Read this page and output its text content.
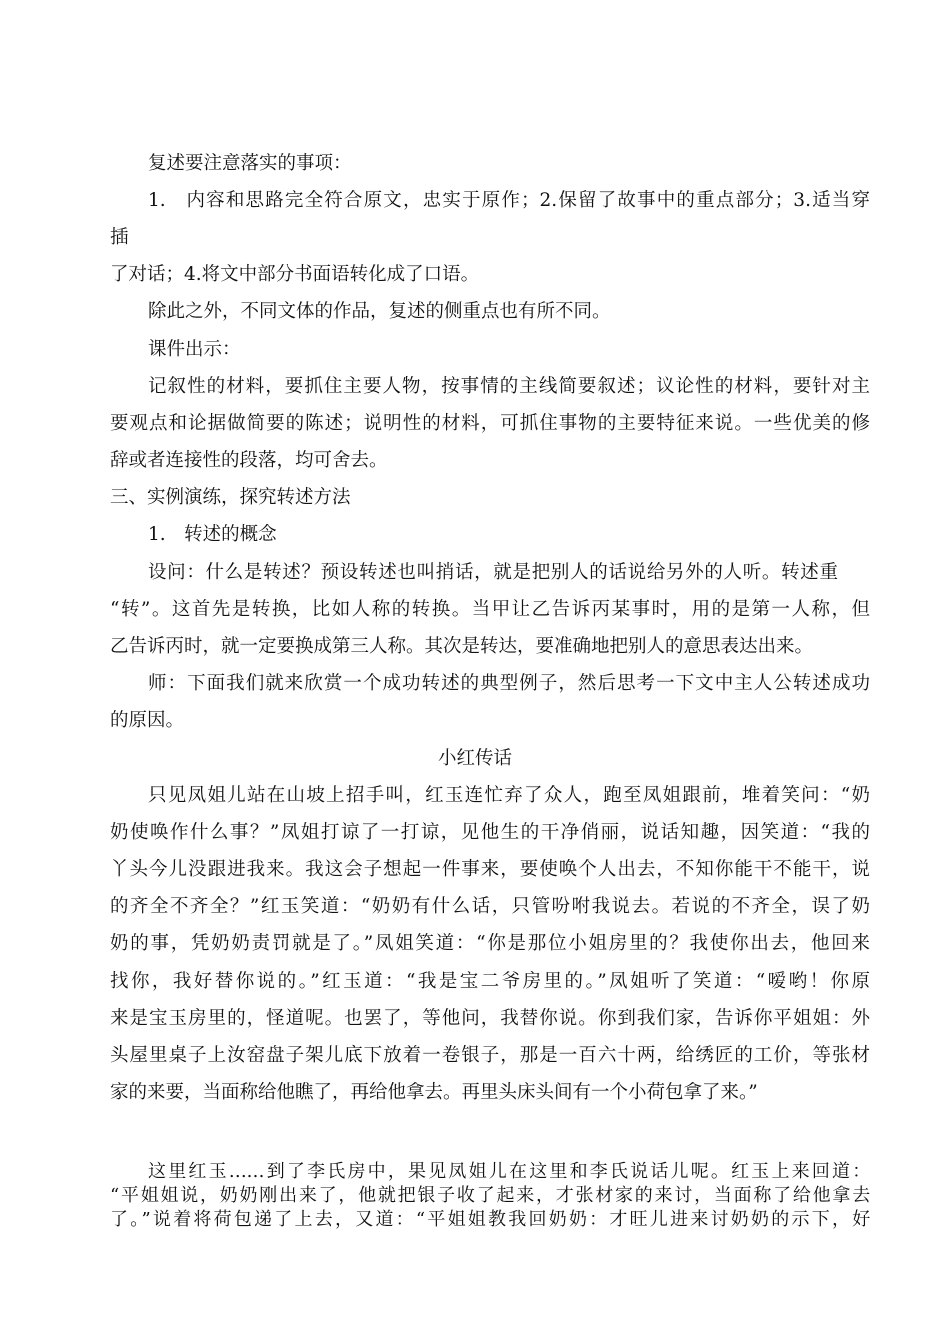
复述要注意落实的事项：
1.　内容和思路完全符合原文，忠实于原作；2.保留了故事中的重点部分；3.适当穿
插
了对话；4.将文中部分书面语转化成了口语。
除此之外，不同文体的作品，复述的侧重点也有所不同。
课件出示：
记叙性的材料，要抓住主要人物，按事情的主线简要叙述；议论性的材料，要针对主
要观点和论据做简要的陈述；说明性的材料，可抓住事物的主要特征来说。一些优美的修
辞或者连接性的段落，均可舍去。
三、实例演练，探究转述方法
1.　转述的概念
设问：什么是转述？预设转述也叫捎话，就是把别人的话说给另外的人听。转述重
“转”。这首先是转换，比如人称的转换。当甲让乙告诉丙某事时，用的是第一人称，但
乙告诉丙时，就一定要换成第三人称。其次是转达，要准确地把别人的意思表达出来。
师：下面我们就来欣赏一个成功转述的典型例子，然后思考一下文中主人公转述成功
的原因。
小红传话
只见凤姐儿站在山坡上招手叫，红玉连忙弃了众人，跑至凤姐跟前，堆着笑问：“奶
奶使唤作什么事？”凤姐打谅了一打谅，见他生的干净俏丽，说话知趣，因笑道：“我的
丫头今儿没跟进我来。我这会子想起一件事来，要使唤个人出去，不知你能干不能干，说
的齐全不齐全？”红玉笑道：“奶奶有什么话，只管吩咐我说去。若说的不齐全，误了奶
奶的事，凭奶奶责罚就是了。”凤姐笑道：“你是那位小姐房里的？我使你出去，他回来
找你，我好替你说的。”红玉道：“我是宝二爷房里的。”凤姐听了笑道：“嗳哟！你原
来是宝玉房里的，怪道呢。也罢了，等他问，我替你说。你到我们家，告诉你平姐姐：外
头屋里桌子上汝窑盘子架儿底下放着一卷银子，那是一百六十两，给绣匠的工价，等张材
家的来要，当面称给他瞧了，再给他拿去。再里头床头间有一个小荷包拿了来。”
这里红玉……到了李氏房中，果见凤姐儿在这里和李氏说话儿呢。红玉上来回道：
“平姐姐说，奶奶刚出来了，他就把银子收了起来，才张材家的来讨，当面称了给他拿去
了。”说着将荷包递了上去，又道：“平姐姐教我回奶奶：才旺儿进来讨奶奶的示下，好
